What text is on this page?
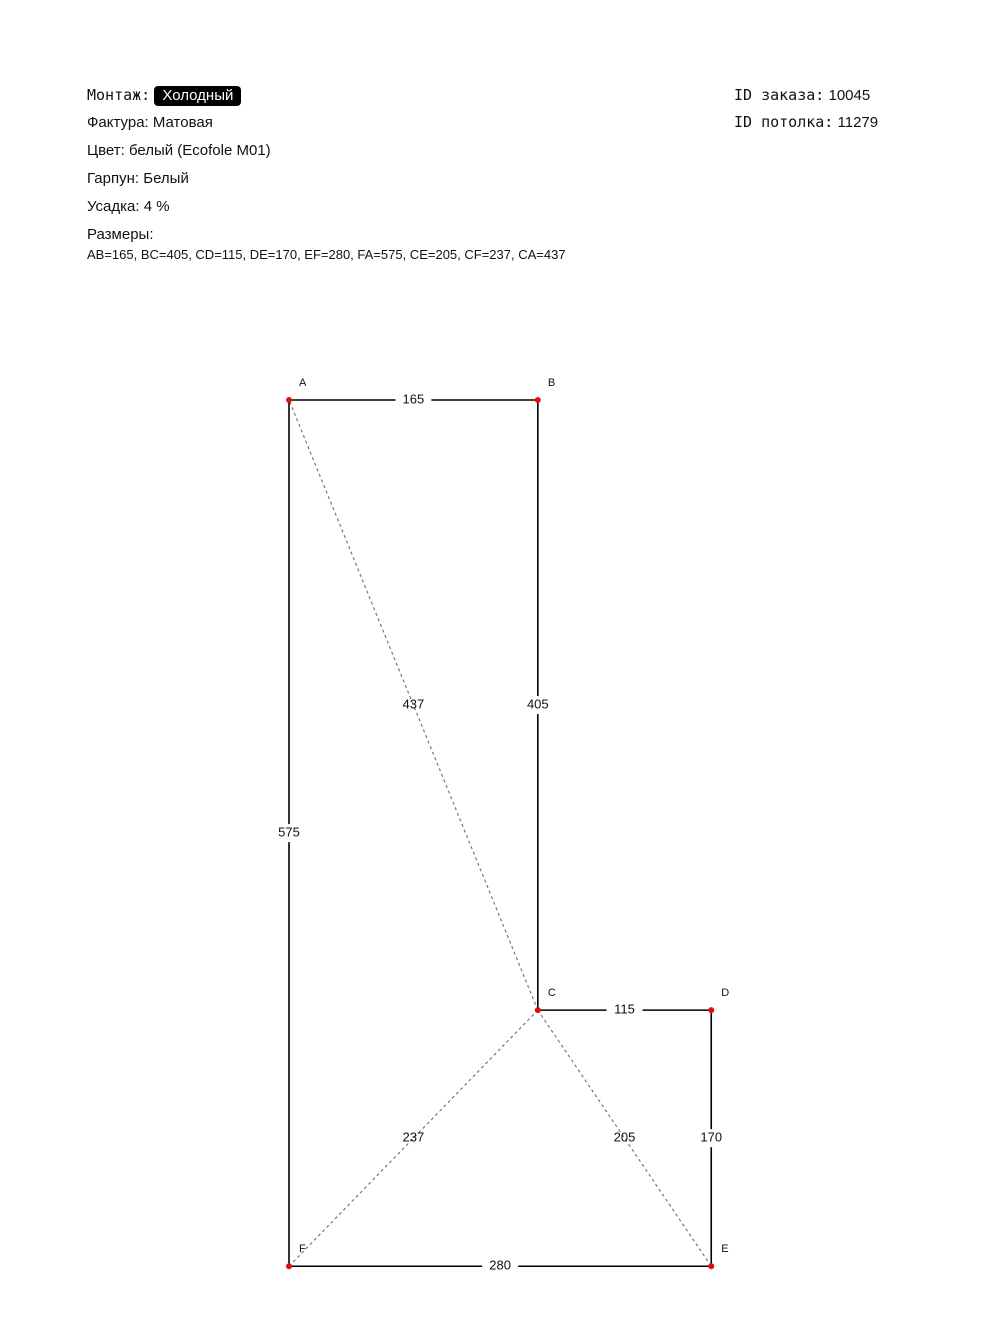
Монтаж: Холодный
Фактура: Матовая
Цвет: белый (Ecofole M01)
Гарпун: Белый
Усадка: 4 %
Размеры:
AB=165, BC=405, CD=115, DE=170, EF=280, FA=575, CE=205, CF=237, CA=437
ID заказа: 10045
ID потолка: 11279
437
237	205
165
405
115
170
280
575
A	B
C	D
E
F
